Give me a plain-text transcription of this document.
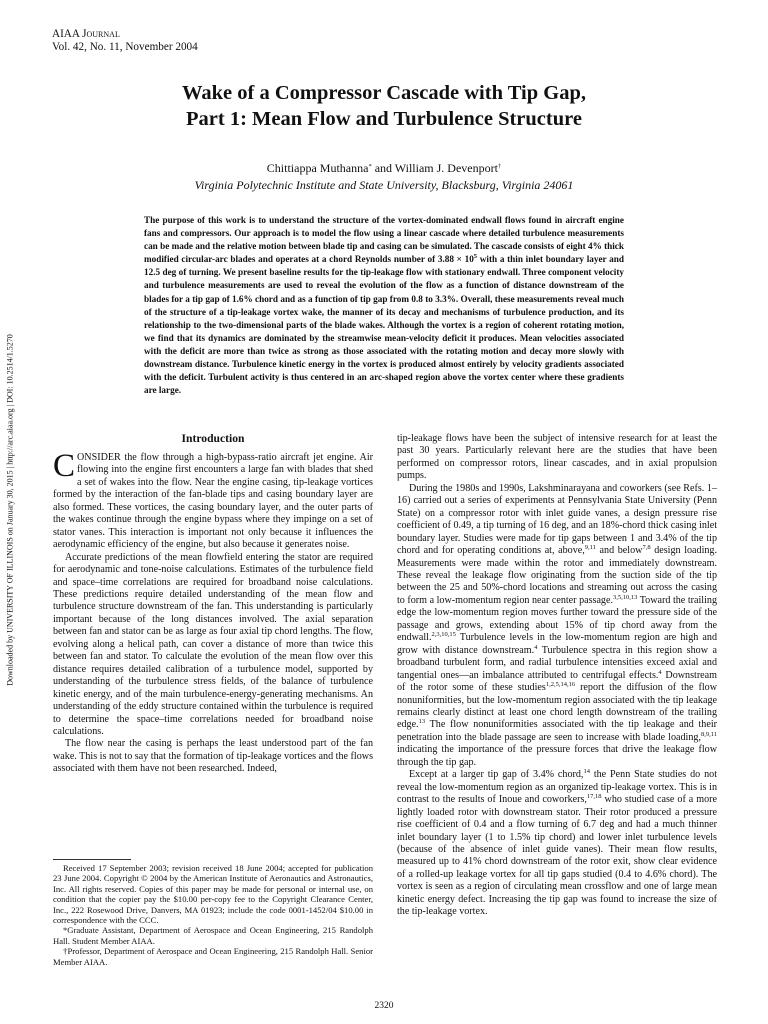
AIAA Journal
Vol. 42, No. 11, November 2004
Wake of a Compressor Cascade with Tip Gap,
Part 1: Mean Flow and Turbulence Structure
Chittiappa Muthanna* and William J. Devenport†
Virginia Polytechnic Institute and State University, Blacksburg, Virginia 24061
The purpose of this work is to understand the structure of the vortex-dominated endwall flows found in aircraft engine fans and compressors. Our approach is to model the flow using a linear cascade where detailed turbulence measurements can be made and the relative motion between blade tip and casing can be simulated. The cascade consists of eight 4% thick modified circular-arc blades and operates at a chord Reynolds number of $3.88 \times 10^5$ with a thin inlet boundary layer and 12.5 deg of turning. We present baseline results for the tip-leakage flow with stationary endwall. Three component velocity and turbulence measurements are used to reveal the evolution of the flow as a function of distance downstream of the blades for a tip gap of 1.6% chord and as a function of tip gap from 0.8 to 3.3%. Overall, these measurements reveal much of the structure of a tip-leakage vortex wake, the manner of its decay and mechanisms of turbulence production, and its relationship to the two-dimensional parts of the blade wakes. Although the vortex is a region of coherent rotating motion, we find that its dynamics are dominated by the streamwise mean-velocity deficit it produces. Mean velocities associated with the deficit are more than twice as strong as those associated with the rotating motion and decay more slowly with downstream distance. Turbulence kinetic energy in the vortex is produced almost entirely by velocity gradients associated with the deficit. Turbulent activity is thus centered in an arc-shaped region above the vortex center where these gradients are large.
Downloaded by UNIVERSITY OF ILLINOIS on January 30, 2015 | http://arc.aiaa.org | DOI: 10.2514/1.5270	Introduction

CONSIDER the flow through a high-bypass-ratio aircraft jet engine. Air flowing into the engine first encounters a large fan with blades that shed a set of wakes into the flow. Near the engine casing, tip-leakage vortices formed by the interaction of the fan-blade tips and casing boundary layer are also formed. These vortices, the casing boundary layer, and the outer parts of the wakes continue through the engine bypass where they impinge on a set of stator vanes. This interaction is important not only because it influences the aerodynamic efficiency of the engine, but also because it generates noise.

Accurate predictions of the mean flowfield entering the stator are required for aerodynamic and tone-noise calculations. Estimates of the turbulence field and space–time correlations are required for broadband noise calculations. These predictions require detailed understanding of the mean flow and turbulence structure downstream of the fan. This understanding is particularly important because of the long distances involved. The axial separation between fan and stator can be as large as four axial tip chord lengths. The flow, evolving along a helical path, can cover a distance of more than twice this between fan and stator. To calculate the evolution of the mean flow over this distance requires detailed calibration of a turbulence model, supported by understanding of the turbulence stress fields, of the balance of turbulence kinetic energy, and of the main turbulence-energy-generating mechanisms. An understanding of the eddy structure contained within the turbulence is required to determine the space–time correlations needed for broadband noise calculations.

The flow near the casing is perhaps the least understood part of the fan wake. This is not to say that the formation of tip-leakage vortices and the flows associated with them have not been researched. Indeed,

Received 17 September 2003; revision received 18 June 2004; accepted for publication 23 June 2004. Copyright © 2004 by the American Institute of Aeronautics and Astronautics, Inc. All rights reserved. Copies of this paper may be made for personal or internal use, on condition that the copier pay the $10.00 per-copy fee to the Copyright Clearance Center, Inc., 222 Rosewood Drive, Danvers, MA 01923; include the code 0001-1452/04 $10.00 in correspondence with the CCC.

*Graduate Assistant, Department of Aerospace and Ocean Engineering, 215 Randolph Hall. Student Member AIAA.

†Professor, Department of Aerospace and Ocean Engineering, 215 Randolph Hall. Senior Member AIAA.

tip-leakage flows have been the subject of intensive research for at least the past 30 years. Particularly relevant here are the studies that have been performed on compressor rotors, linear cascades, and in axial propulsion pumps.

During the 1980s and 1990s, Lakshminarayana and coworkers (see Refs. 1–16) carried out a series of experiments at Pennsylvania State University (Penn State) on a compressor rotor with inlet guide vanes, a design pressure rise coefficient of 0.49, a tip turning of 16 deg, and an 18%-chord thick casing inlet boundary layer. Studies were made for tip gaps between 1 and 3.4% of the tip chord and for operating conditions at, above,$^{9,11}$ and below$^{7,8}$ design loading. Measurements were made within the rotor and immediately downstream. These reveal the leakage flow originating from the suction side of the tip between the 25 and 50%-chord locations and streaming out across the casing to form a low-momentum region near center passage.$^{3,5,10,13}$ Toward the trailing edge the low-momentum region moves further toward the pressure side of the passage and grows, extending about 15% of tip chord away from the endwall.$^{2,3,10,15}$ Turbulence levels in the low-momentum region are high and grow with distance downstream.$^4$ Turbulence spectra in this region show a broadband turbulent form, and radial turbulence intensities exceed axial and tangential ones—an imbalance attributed to centrifugal effects.$^4$ Downstream of the rotor some of these studies$^{1,2,5,14,16}$ report the diffusion of the flow nonuniformities, but the low-momentum region associated with the tip leakage remains clearly distinct at least one chord length downstream of the trailing edge.$^{13}$ The flow nonuniformities associated with the tip leakage and their penetration into the blade passage are seen to increase with blade loading,$^{8,9,11}$ indicating the importance of the pressure forces that drive the leakage flow through the tip gap.

Except at a larger tip gap of 3.4% chord,$^{14}$ the Penn State studies do not reveal the low-momentum region as an organized tip-leakage vortex. This is in contrast to the results of Inoue and coworkers,$^{17,18}$ who studied case of a more lightly loaded rotor with downstream stator. Their rotor produced a pressure rise coefficient of 0.4 and a flow turning of 6.7 deg and had a much thinner inlet boundary layer (1 to 1.5% tip chord) and lower inlet turbulence levels (because of the absence of inlet guide vanes). Their mean flow results, measured up to 41% chord downstream of the rotor exit, show clear evidence of a rolled-up leakage vortex for all tip gaps studied (0.4 to 4.6% chord). The vortex is seen as a region of circulating mean crossflow and one of large mean kinetic energy defect. Increasing the tip gap was found to increase the size of the tip-leakage vortex.

2320
